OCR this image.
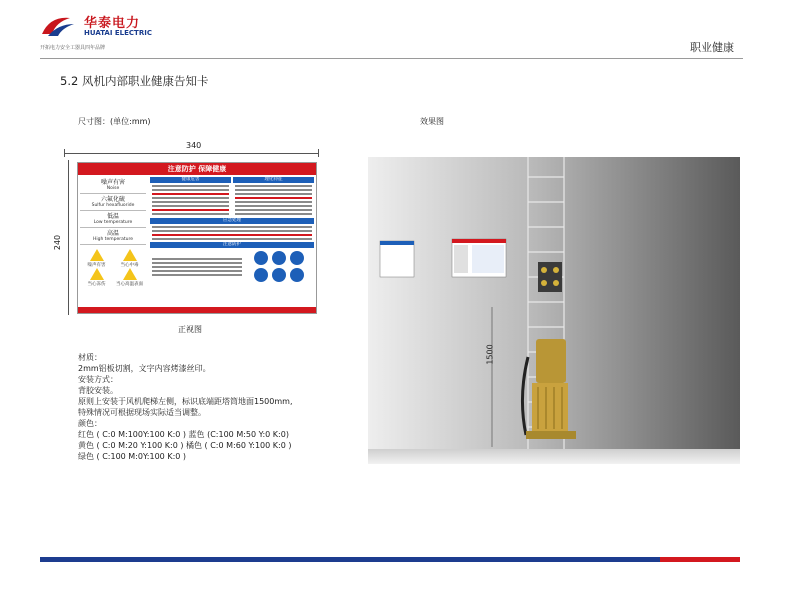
华泰电力
HUATAI ELECTRIC
开拓电力安全工器具四年品牌	职业健康
5.2 风机内部职业健康告知卡
尺寸图：(单位:mm)	效果图
340
240
注意防护 保障健康
噪声有害
Noise
六氟化硫
Sulfur hexafluoride
低温
Low temperature
高温
High temperature
噪声有害	当心中毒
当心冻伤	当心高温表面
健康危害	理化特征
应急处理
注意防护
正视图
材质：
2mm铝板切割，文字内容烤漆丝印。
安装方式：
背胶安装。
原则上安装于风机爬梯左侧，标识底端距塔筒地面1500mm,
特殊情况可根据现场实际适当调整。
颜色：
红色 ( C:0 M:100Y:100 K:0 ) 蓝色 (C:100 M:50 Y:0 K:0)
黄色 ( C:0 M:20 Y:100 K:0 ) 橘色 ( C:0 M:60 Y:100 K:0 )
绿色 ( C:100 M:0Y:100 K:0 )
1500
